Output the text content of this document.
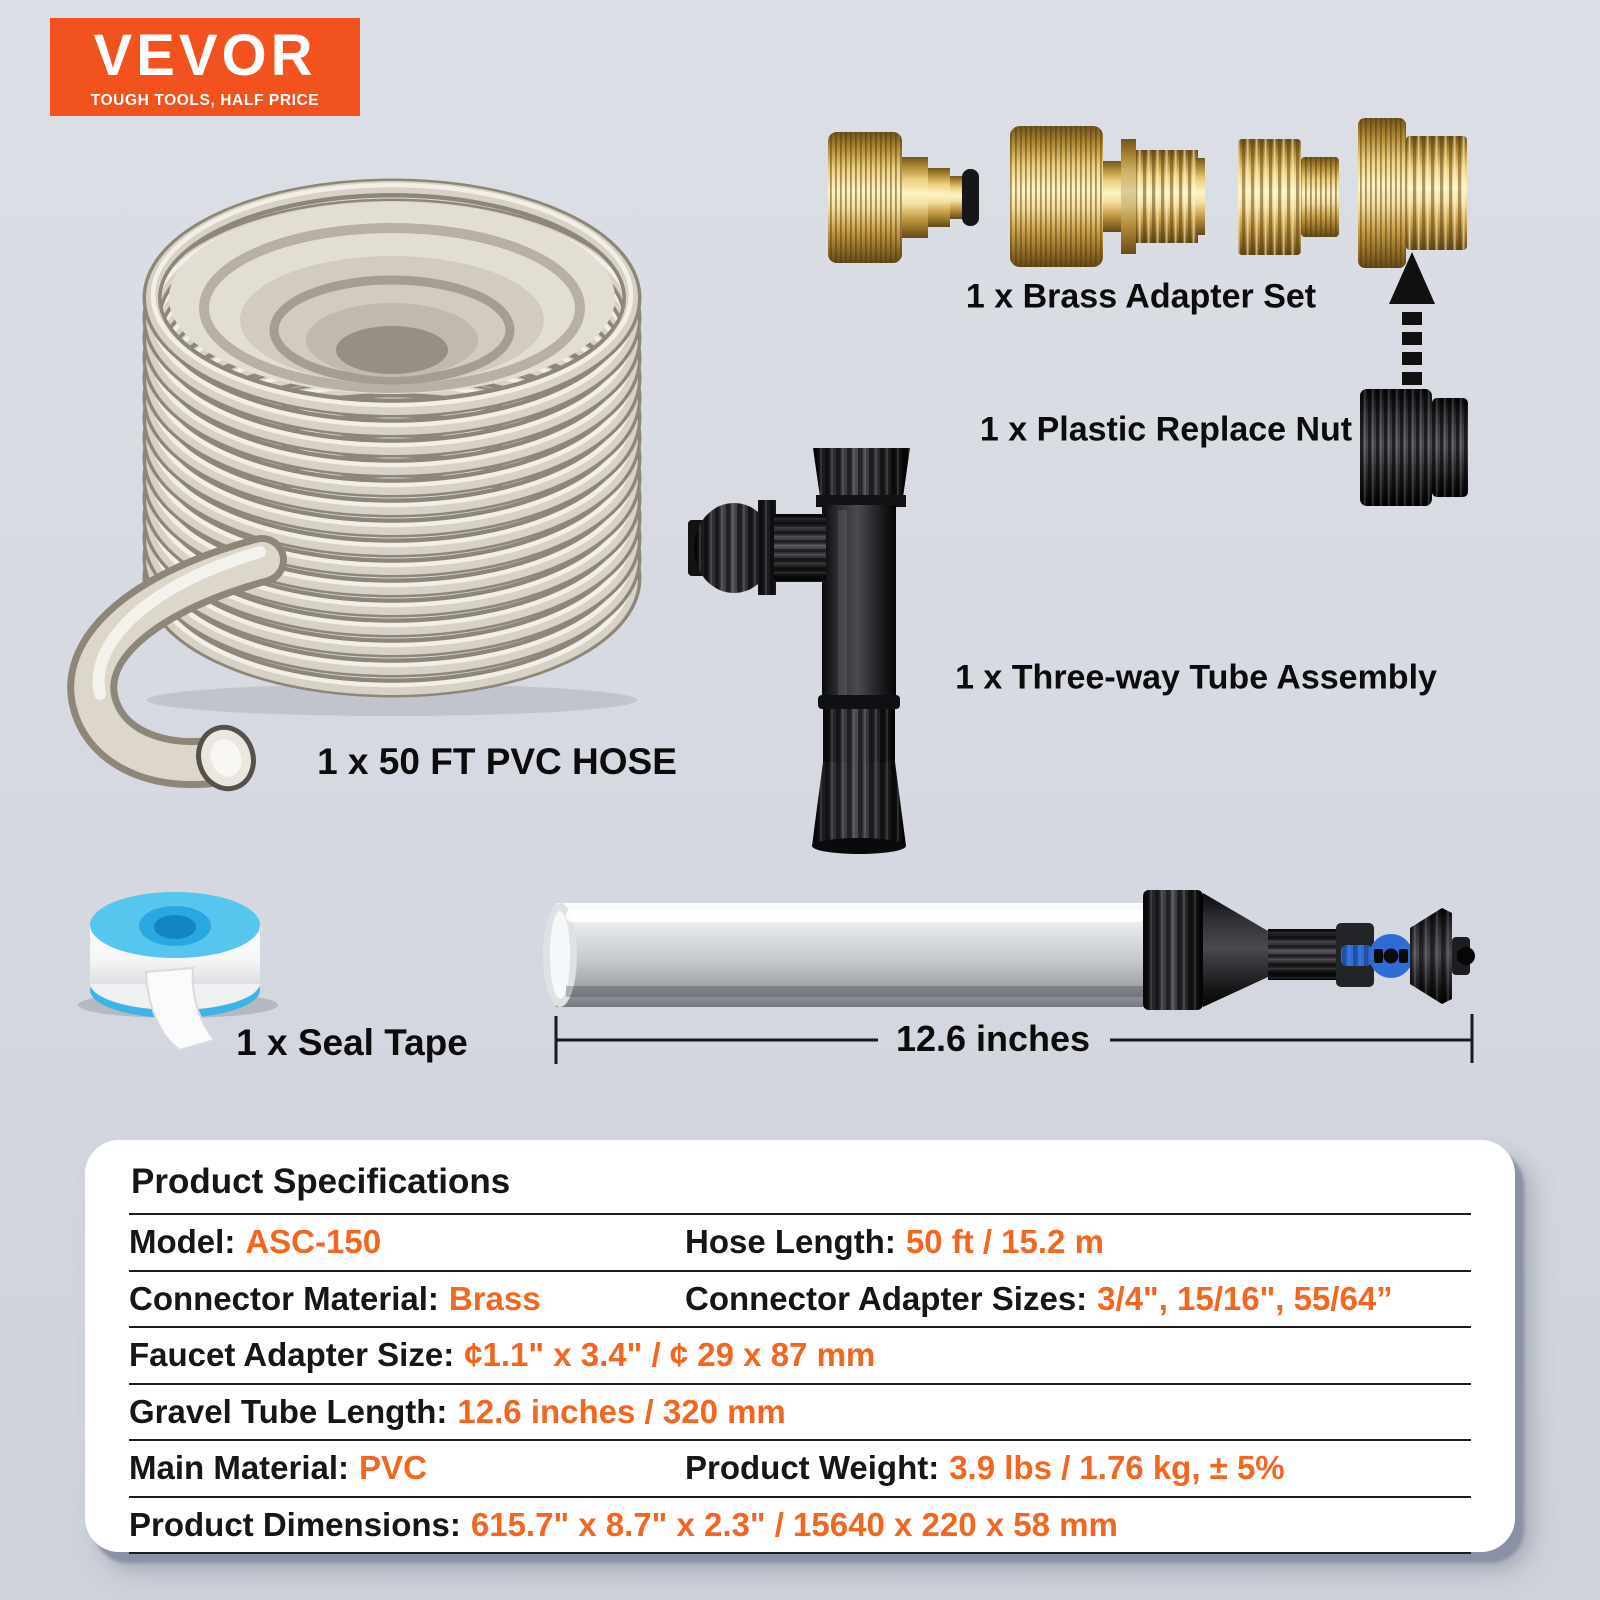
VEVOR
TOUGH TOOLS, HALF PRICE
1 x 50 FT PVC HOSE
1 x Brass Adapter Set
1 x Plastic Replace Nut
1 x Three-way Tube Assembly
1 x Seal Tape	12.6 inches
Product Specifications
Model: ASC-150	Hose Length: 50 ft / 15.2 m
Connector Material: Brass	Connector Adapter Sizes: 3/4", 15/16", 55/64”
Faucet Adapter Size: ¢1.1" x 3.4" / ¢ 29 x 87 mm
Gravel Tube Length: 12.6 inches / 320 mm
Main Material: PVC	Product Weight: 3.9 lbs / 1.76 kg, ± 5%
Product Dimensions: 615.7" x 8.7" x 2.3" / 15640 x 220 x 58 mm
